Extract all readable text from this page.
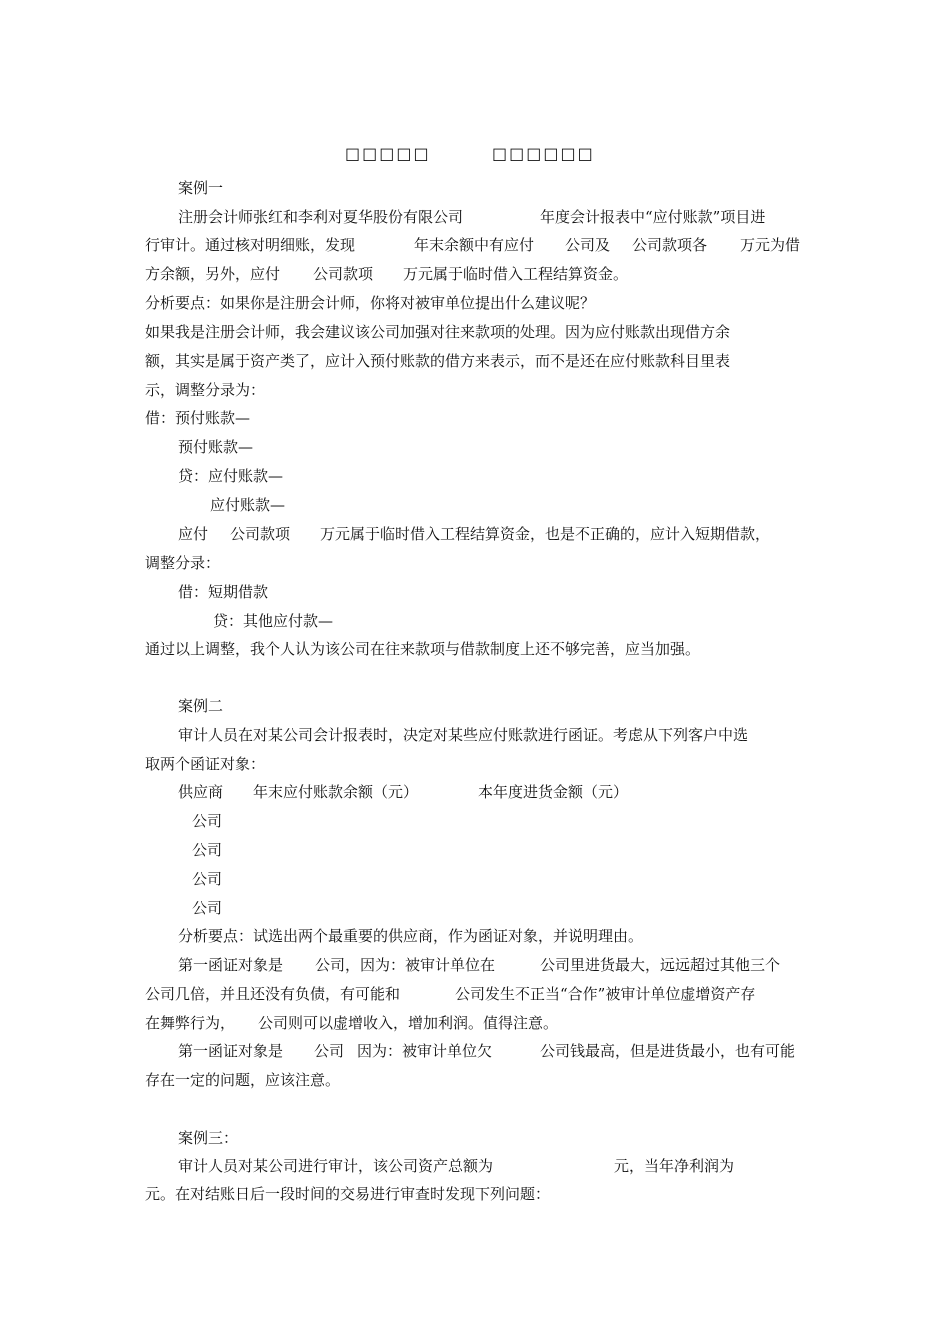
□□□□□	□□□□□□
案例一
注册会计师张红和李利对夏华股份有限公司	年度会计报表中“应付账款”项目进
行审计。通过核对明细账，发现	年末余额中有应付 公司及 公司款项各 万元为借
方余额，另外，应付 公司款项 万元属于临时借入工程结算资金。
分析要点：如果你是注册会计师，你将对被审单位提出什么建议呢？
如果我是注册会计师，我会建议该公司加强对往来款项的处理。因为应付账款出现借方余
额，其实是属于资产类了，应计入预付账款的借方来表示，而不是还在应付账款科目里表
示，调整分录为：
借：预付账款—
预付账款—
贷：应付账款—
应付账款—
应付 公司款项 万元属于临时借入工程结算资金，也是不正确的，应计入短期借款，
调整分录：
借：短期借款
贷：其他应付款—
通过以上调整，我个人认为该公司在往来款项与借款制度上还不够完善，应当加强。
案例二
审计人员在对某公司会计报表时，决定对某些应付账款进行函证。考虑从下列客户中选
取两个函证对象：
供应商 年末应付账款余额（元）	本年度进货金额（元）
公司
公司
公司
公司
分析要点：试选出两个最重要的供应商，作为函证对象，并说明理由。
第一函证对象是 公司，因为：被审计单位在	公司里进货最大，远远超过其他三个
公司几倍，并且还没有负债，有可能和	公司发生不正当“合作”被审计单位虚增资产存
在舞弊行为， 公司则可以虚增收入，增加利润。值得注意。
第一函证对象是 公司 因为：被审计单位欠	公司钱最高，但是进货最小，也有可能
存在一定的问题，应该注意。
案例三：
审计人员对某公司进行审计，该公司资产总额为	元，当年净利润为
元。在对结账日后一段时间的交易进行审查时发现下列问题：
